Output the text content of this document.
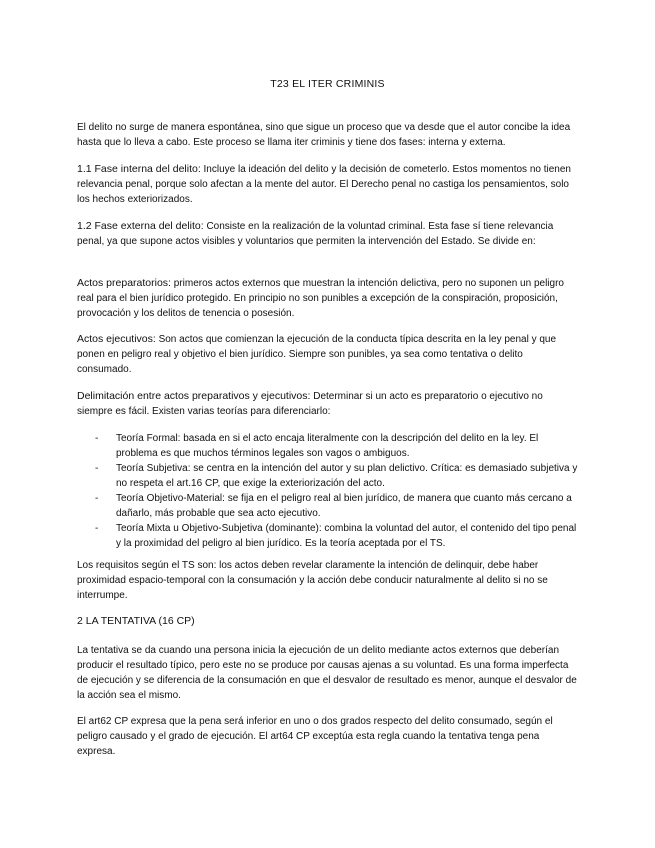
T23 EL ITER CRIMINIS

El delito no surge de manera espontánea, sino que sigue un proceso que va desde que el autor concibe la idea hasta que lo lleva a cabo. Este proceso se llama iter criminis y tiene dos fases: interna y externa.

1.1 Fase interna del delito: Incluye la ideación del delito y la decisión de cometerlo. Estos momentos no tienen relevancia penal, porque solo afectan a la mente del autor. El Derecho penal no castiga los pensamientos, solo los hechos exteriorizados.

1.2 Fase externa del delito: Consiste en la realización de la voluntad criminal. Esta fase sí tiene relevancia penal, ya que supone actos visibles y voluntarios que permiten la intervención del Estado. Se divide en:

Actos preparatorios: primeros actos externos que muestran la intención delictiva, pero no suponen un peligro real para el bien jurídico protegido. En principio no son punibles a excepción de la conspiración, proposición, provocación y los delitos de tenencia o posesión.

Actos ejecutivos: Son actos que comienzan la ejecución de la conducta típica descrita en la ley penal y que ponen en peligro real y objetivo el bien jurídico. Siempre son punibles, ya sea como tentativa o delito consumado.

Delimitación entre actos preparativos y ejecutivos: Determinar si un acto es preparatorio o ejecutivo no siempre es fácil. Existen varias teorías para diferenciarlo:

- Teoría Formal: basada en si el acto encaja literalmente con la descripción del delito en la ley. El problema es que muchos términos legales son vagos o ambiguos.
- Teoría Subjetiva: se centra en la intención del autor y su plan delictivo. Crítica: es demasiado subjetiva y no respeta el art.16 CP, que exige la exteriorización del acto.
- Teoría Objetivo-Material: se fija en el peligro real al bien jurídico, de manera que cuanto más cercano a dañarlo, más probable que sea acto ejecutivo.
- Teoría Mixta u Objetivo-Subjetiva (dominante): combina la voluntad del autor, el contenido del tipo penal y la proximidad del peligro al bien jurídico. Es la teoría aceptada por el TS.

Los requisitos según el TS son: los actos deben revelar claramente la intención de delinquir, debe haber proximidad espacio-temporal con la consumación y la acción debe conducir naturalmente al delito si no se interrumpe.

2 LA TENTATIVA (16 CP)

La tentativa se da cuando una persona inicia la ejecución de un delito mediante actos externos que deberían producir el resultado típico, pero este no se produce por causas ajenas a su voluntad. Es una forma imperfecta de ejecución y se diferencia de la consumación en que el desvalor de resultado es menor, aunque el desvalor de la acción sea el mismo.

El art62 CP expresa que la pena será inferior en uno o dos grados respecto del delito consumado, según el peligro causado y el grado de ejecución. El art64 CP exceptúa esta regla cuando la tentativa tenga pena expresa.
